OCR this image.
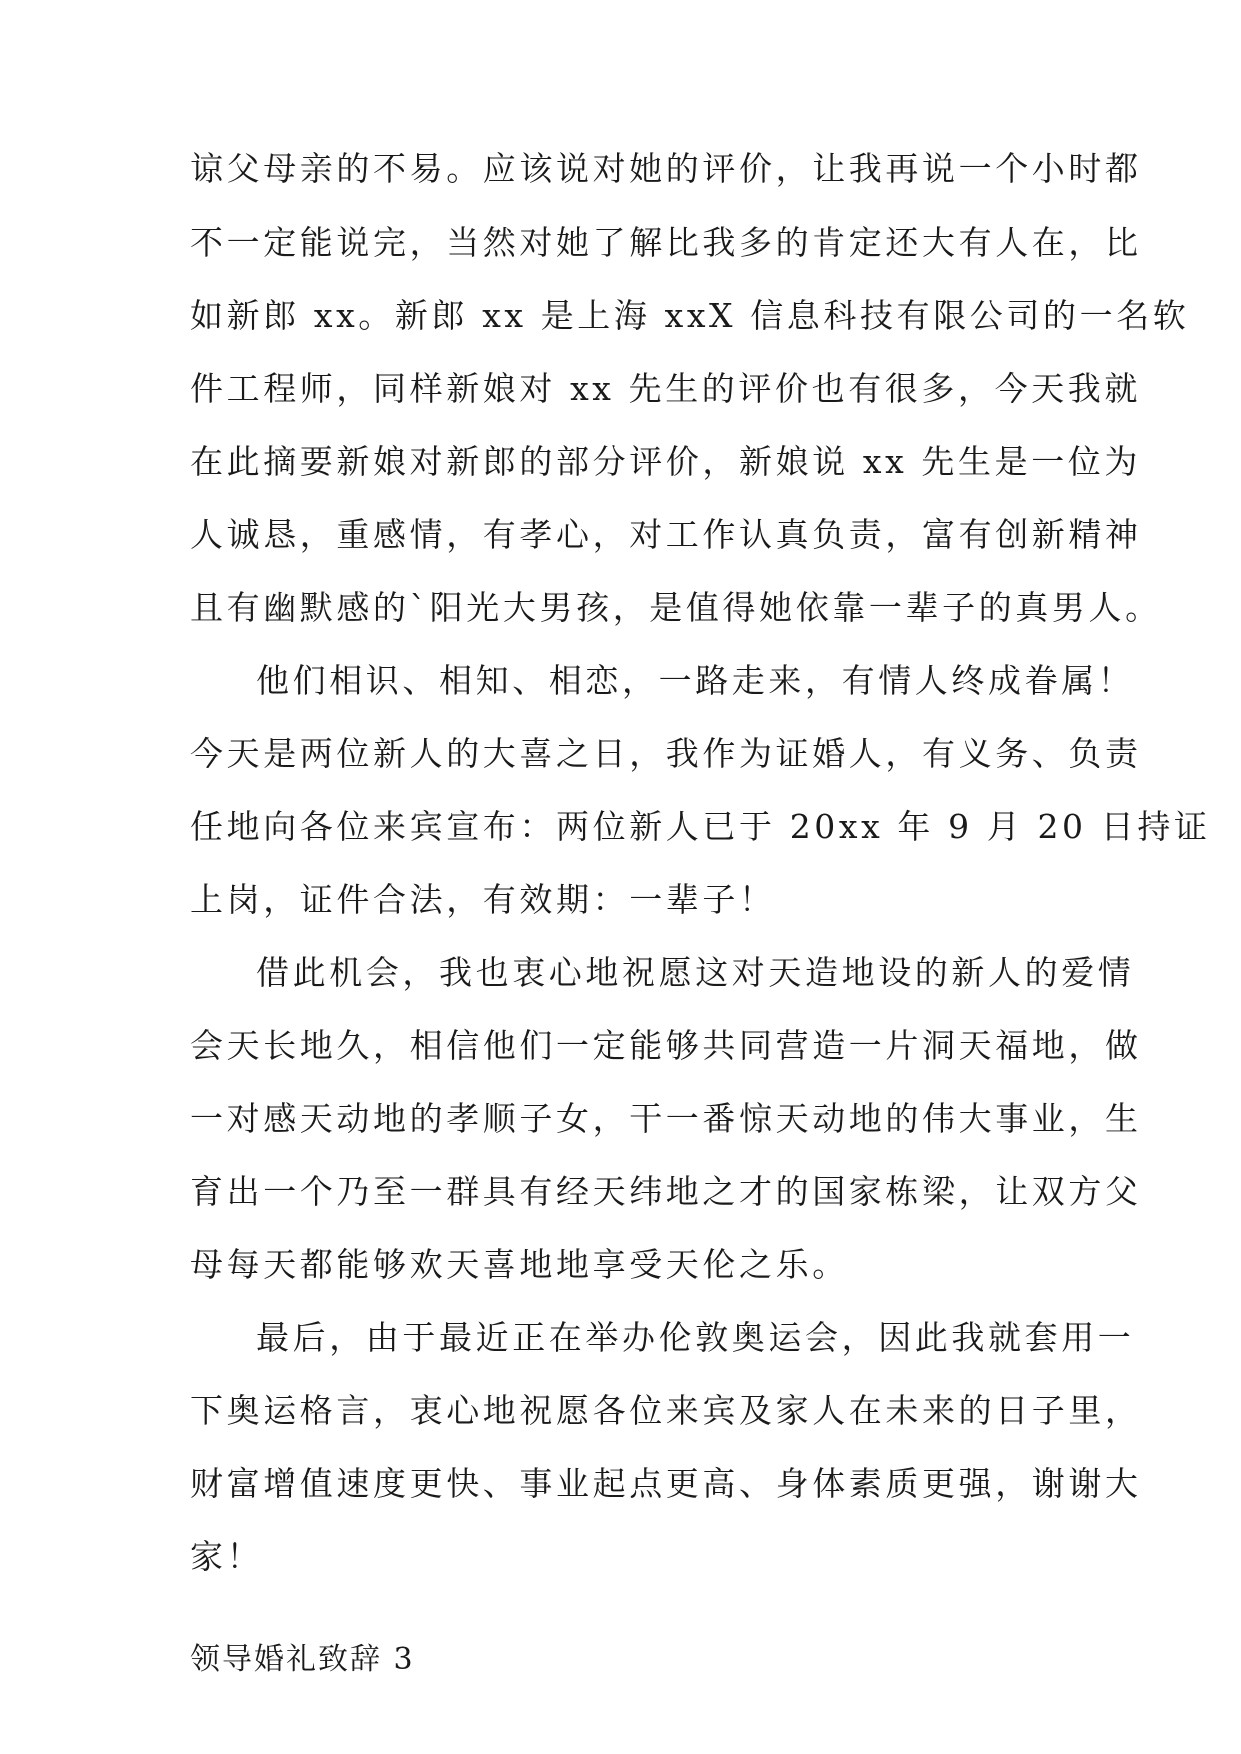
谅父母亲的不易。应该说对她的评价，让我再说一个小时都
不一定能说完，当然对她了解比我多的肯定还大有人在，比
如新郎 xx。新郎 xx 是上海 xxX 信息科技有限公司的一名软
件工程师，同样新娘对 xx 先生的评价也有很多，今天我就
在此摘要新娘对新郎的部分评价，新娘说 xx 先生是一位为
人诚恳，重感情，有孝心，对工作认真负责，富有创新精神
且有幽默感的`阳光大男孩，是值得她依靠一辈子的真男人。
他们相识、相知、相恋，一路走来，有情人终成眷属！
今天是两位新人的大喜之日，我作为证婚人，有义务、负责
任地向各位来宾宣布：两位新人已于 20xx 年 9 月 20 日持证
上岗，证件合法，有效期：一辈子！
借此机会，我也衷心地祝愿这对天造地设的新人的爱情
会天长地久，相信他们一定能够共同营造一片洞天福地，做
一对感天动地的孝顺子女，干一番惊天动地的伟大事业，生
育出一个乃至一群具有经天纬地之才的国家栋梁，让双方父
母每天都能够欢天喜地地享受天伦之乐。
最后，由于最近正在举办伦敦奥运会，因此我就套用一
下奥运格言，衷心地祝愿各位来宾及家人在未来的日子里，
财富增值速度更快、事业起点更高、身体素质更强，谢谢大
家！
领导婚礼致辞 3
